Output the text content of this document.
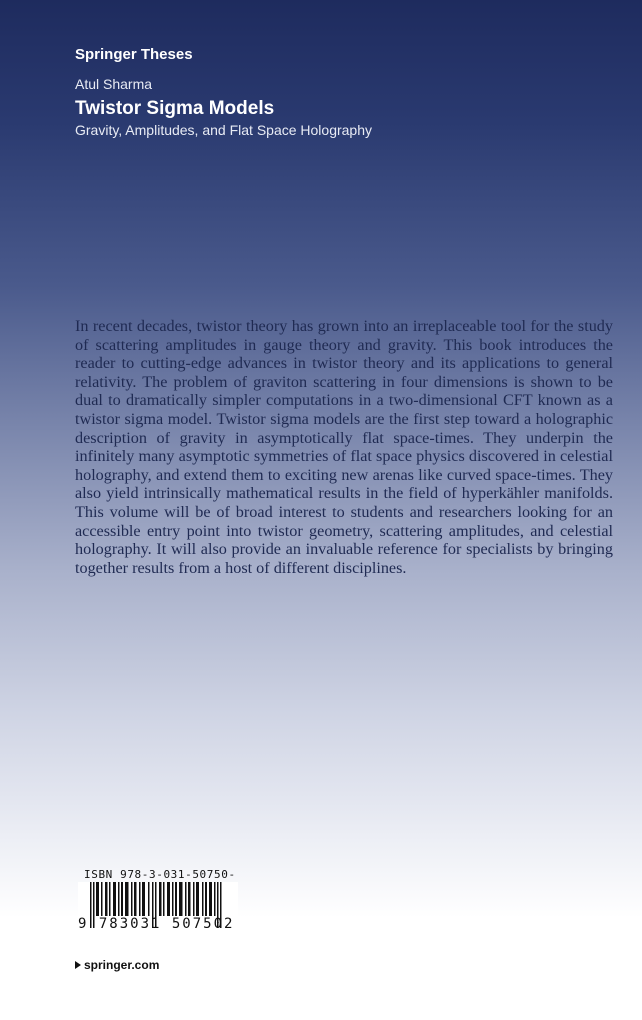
Springer Theses
Atul Sharma
Twistor Sigma Models
Gravity, Amplitudes, and Flat Space Holography

In recent decades, twistor theory has grown into an irreplaceable tool for the study of scattering amplitudes in gauge theory and gravity. This book introduces the reader to cutting-edge advances in twistor theory and its applications to general relativity. The problem of graviton scattering in four dimensions is shown to be dual to dramatically simpler computations in a two-dimensional CFT known as a twistor sigma model. Twistor sigma models are the first step toward a holographic description of gravity in asymptotically flat space-times. They underpin the infinitely many asymptotic symmetries of flat space physics discovered in celestial holography, and extend them to exciting new arenas like curved space-times. They also yield intrinsically mathematical results in the field of hyperkähler manifolds. This volume will be of broad interest to students and researchers looking for an accessible entry point into twistor geometry, scattering amplitudes, and celestial holography. It will also provide an invaluable reference for specialists by bringing together results from a host of different disciplines.

ISBN 978-3-031-50750-
9 783031 507502
springer.com
